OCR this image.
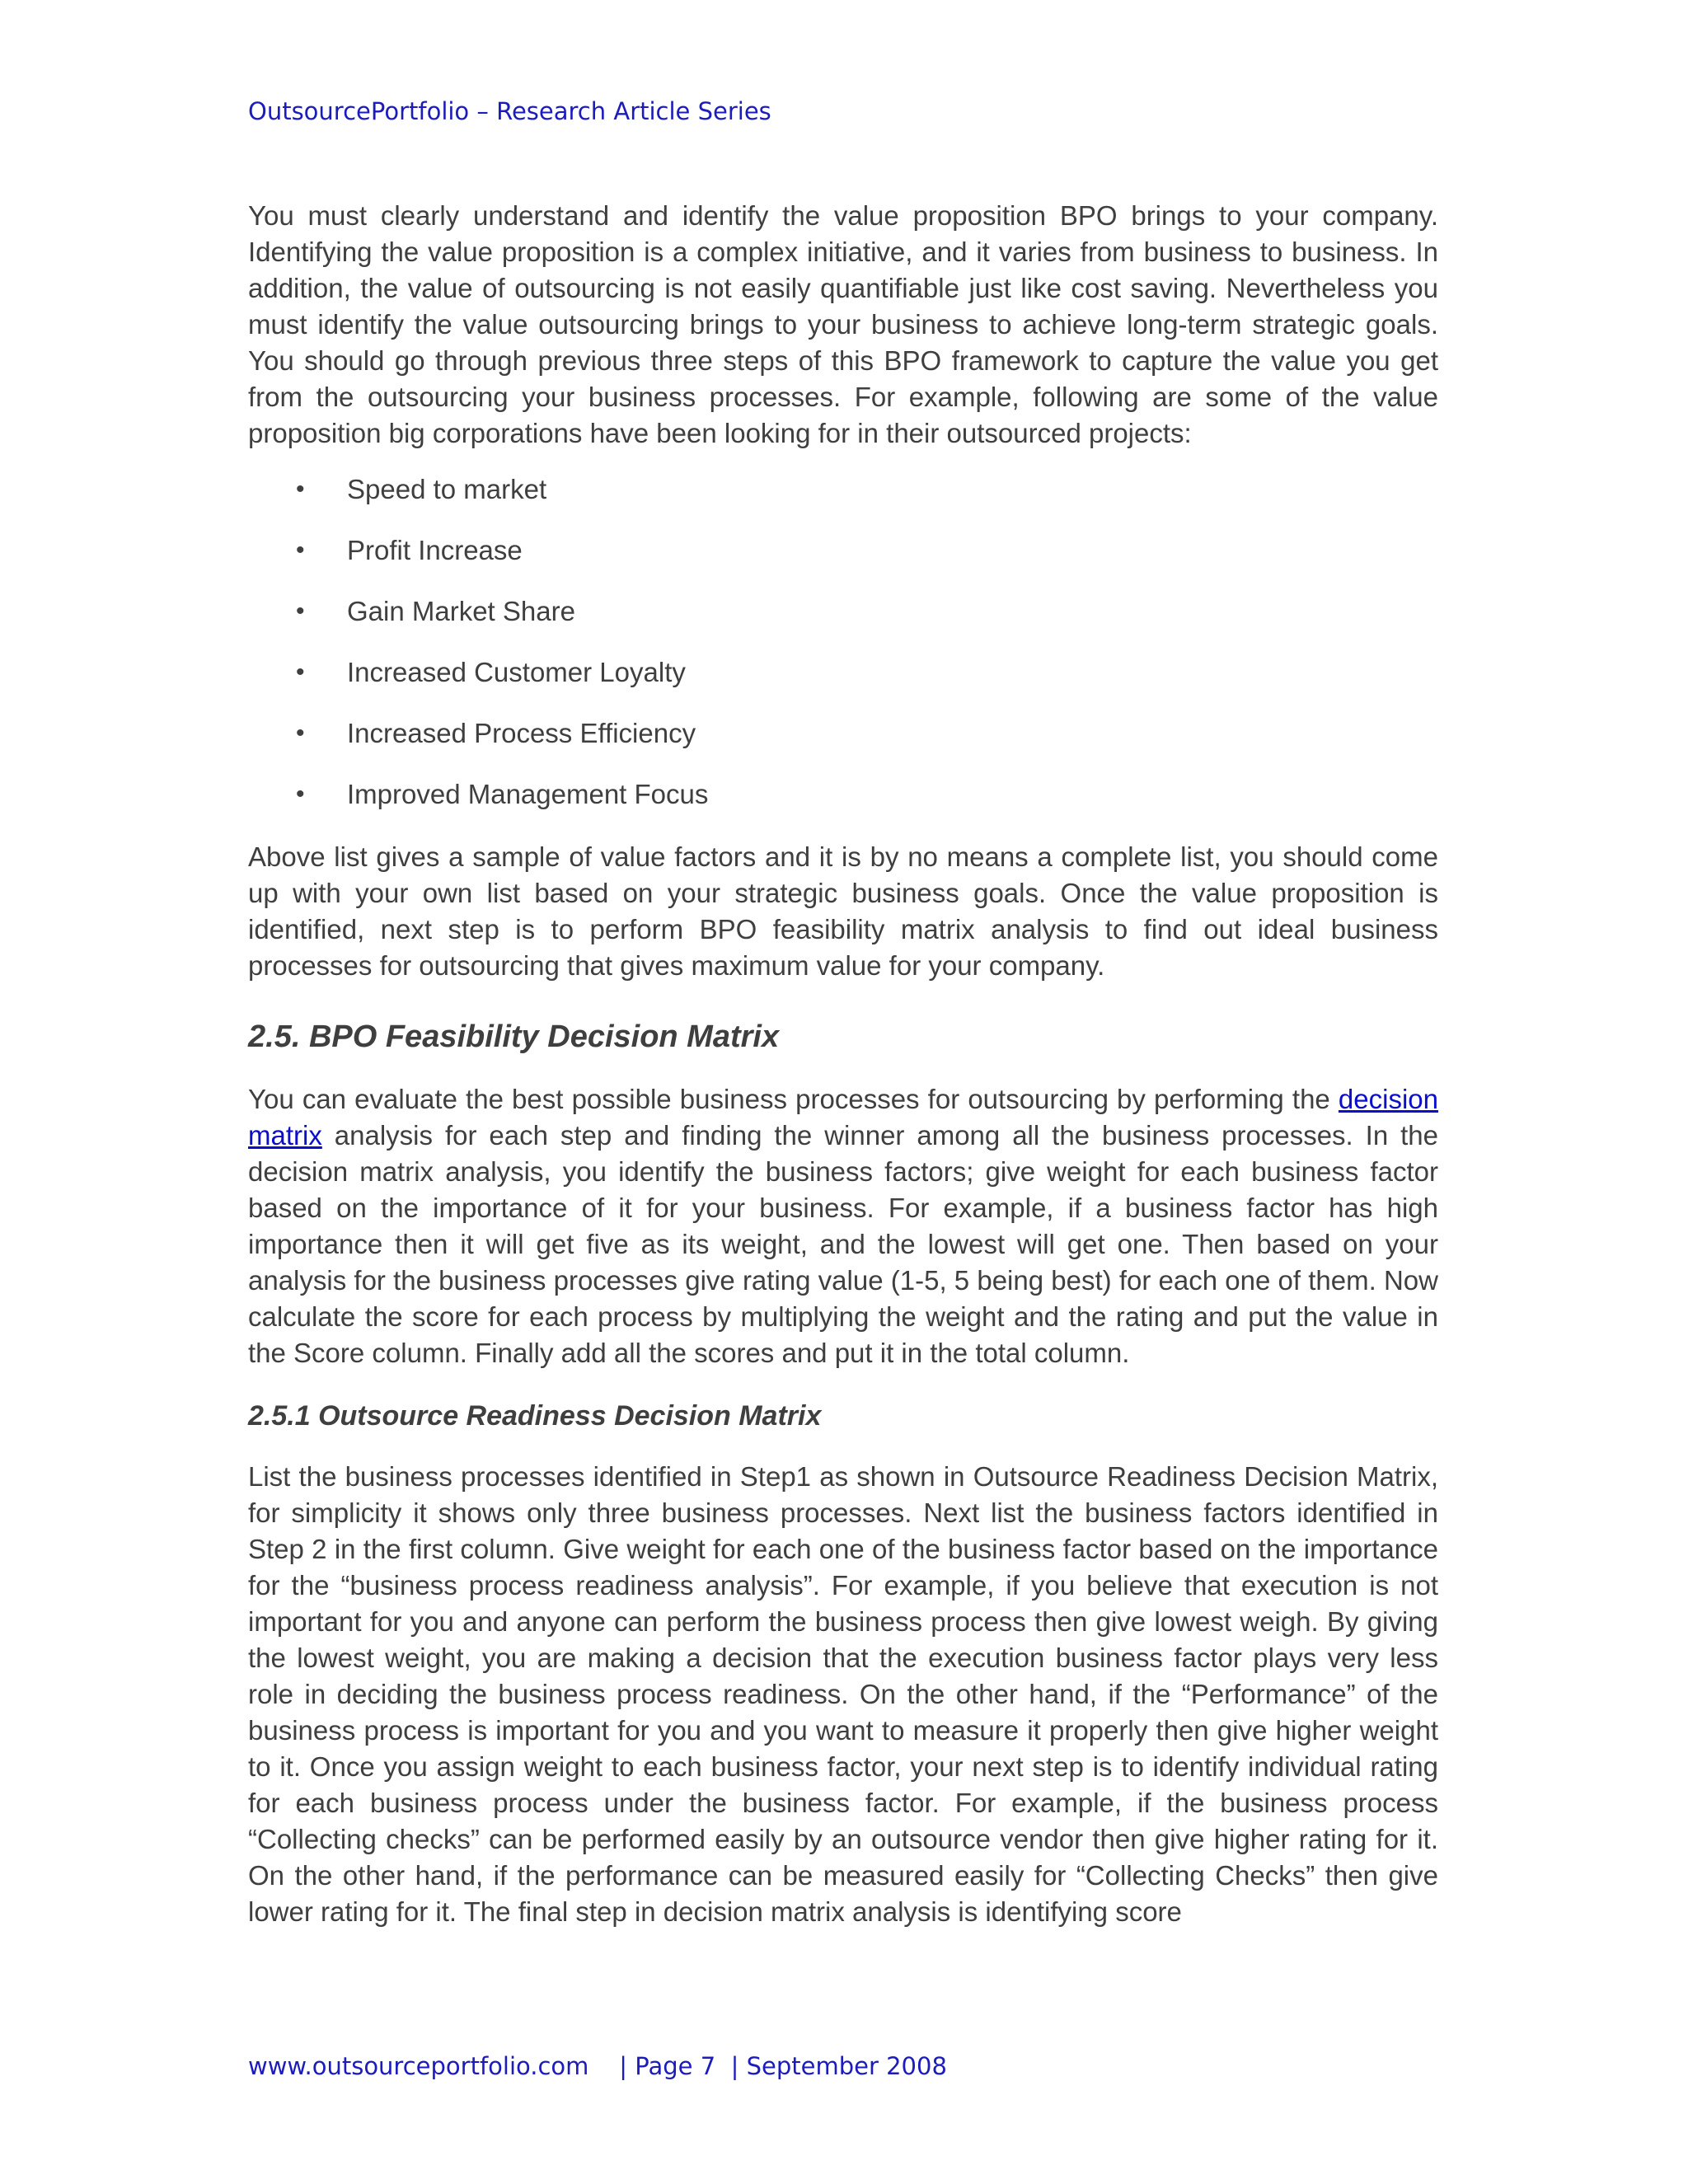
OutsourcePortfolio – Research Article Series

You must clearly understand and identify the value proposition BPO brings to your company. Identifying the value proposition is a complex initiative, and it varies from business to business. In addition, the value of outsourcing is not easily quantifiable just like cost saving. Nevertheless you must identify the value outsourcing brings to your business to achieve long-term strategic goals. You should go through previous three steps of this BPO framework to capture the value you get from the outsourcing your business processes. For example, following are some of the value proposition big corporations have been looking for in their outsourced projects:

• Speed to market
• Profit Increase
• Gain Market Share
• Increased Customer Loyalty
• Increased Process Efficiency
• Improved Management Focus

Above list gives a sample of value factors and it is by no means a complete list, you should come up with your own list based on your strategic business goals. Once the value proposition is identified, next step is to perform BPO feasibility matrix analysis to find out ideal business processes for outsourcing that gives maximum value for your company.

2.5. BPO Feasibility Decision Matrix

You can evaluate the best possible business processes for outsourcing by performing the decision matrix analysis for each step and finding the winner among all the business processes. In the decision matrix analysis, you identify the business factors; give weight for each business factor based on the importance of it for your business. For example, if a business factor has high importance then it will get five as its weight, and the lowest will get one. Then based on your analysis for the business processes give rating value (1-5, 5 being best) for each one of them. Now calculate the score for each process by multiplying the weight and the rating and put the value in the Score column. Finally add all the scores and put it in the total column.

2.5.1 Outsource Readiness Decision Matrix

List the business processes identified in Step1 as shown in Outsource Readiness Decision Matrix, for simplicity it shows only three business processes. Next list the business factors identified in Step 2 in the first column. Give weight for each one of the business factor based on the importance for the “business process readiness analysis”. For example, if you believe that execution is not important for you and anyone can perform the business process then give lowest weigh. By giving the lowest weight, you are making a decision that the execution business factor plays very less role in deciding the business process readiness. On the other hand, if the “Performance” of the business process is important for you and you want to measure it properly then give higher weight to it. Once you assign weight to each business factor, your next step is to identify individual rating for each business process under the business factor. For example, if the business process “Collecting checks” can be performed easily by an outsource vendor then give higher rating for it. On the other hand, if the performance can be measured easily for “Collecting Checks” then give lower rating for it. The final step in decision matrix analysis is identifying score

www.outsourceportfolio.com | Page 7 | September 2008
